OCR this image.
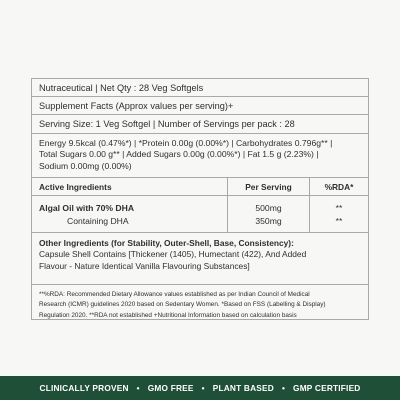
Nutraceutical | Net Qty : 28 Veg Softgels
Supplement Facts (Approx values per serving)+
Serving Size: 1 Veg Softgel | Number of Servings per pack : 28
Energy 9.5kcal (0.47%*) | *Protein 0.00g (0.00%*) | Carbohydrates 0.796g** |
Total Sugars 0.00 g** | Added Sugars 0.00g (0.00%*) | Fat 1.5 g (2.23%) |
Sodium 0.00mg (0.00%)
Active Ingredients	Per Serving	%RDA*
Algal Oil with 70% DHA
Containing DHA
500mg
350mg
**
**
Other Ingredients (for Stability, Outer-Shell, Base, Consistency):
Capsule Shell Contains [Thickener (1405), Humectant (422), And Added
Flavour - Nature Identical Vanilla Flavouring Substances]
**%RDA: Recommended Dietary Allowance values established as per Indian Council of Medical
Research (ICMR) guidelines 2020 based on Sedentary Women. *Based on FSS (Labelling & Display)
Regulation 2020. **RDA not established +Nutritional Information based on calculation basis
CLINICALLY PROVEN • GMO FREE • PLANT BASED • GMP CERTIFIED
